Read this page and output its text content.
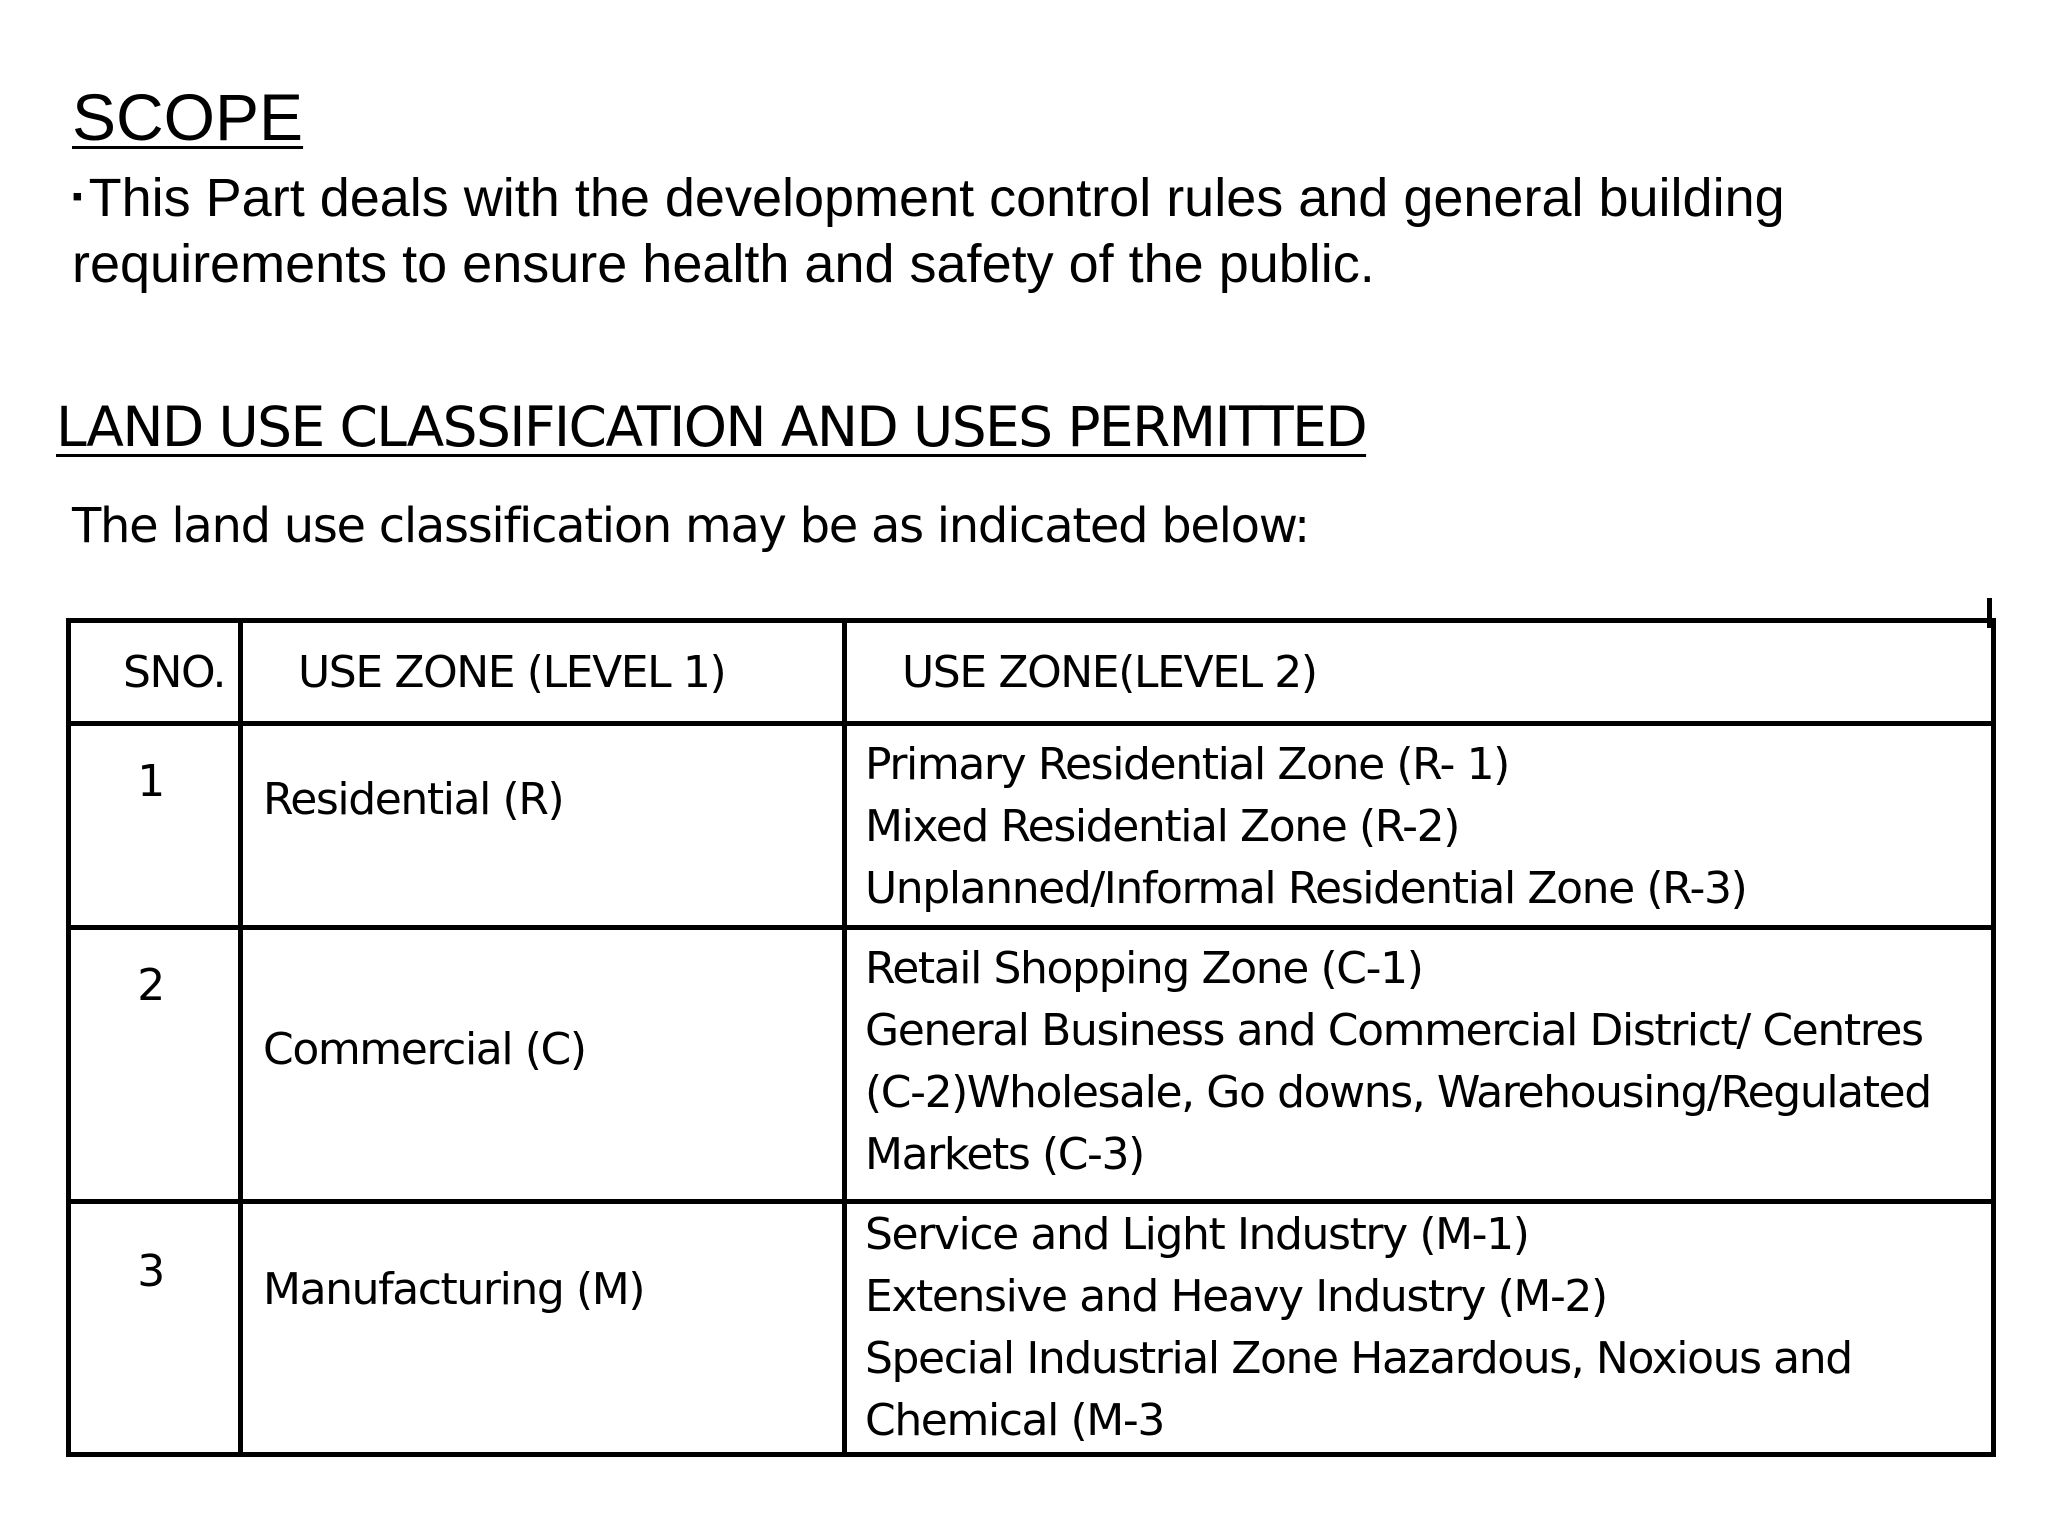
SCOPE

▪ This Part deals with the development control rules and general building requirements to ensure health and safety of the public.

LAND USE CLASSIFICATION AND USES PERMITTED

The land use classification may be as indicated below:

SNO.	USE ZONE (LEVEL 1)	USE ZONE(LEVEL 2)

1	Residential (R)	Primary Residential Zone (R- 1)
Mixed Residential Zone (R-2)
Unplanned/Informal Residential Zone (R-3)

2	Commercial (C)	Retail Shopping Zone (C-1)
General Business and Commercial District/ Centres
(C-2)Wholesale, Go downs, Warehousing/Regulated
Markets (C-3)

3	Manufacturing (M)	Service and Light Industry (M-1)
Extensive and Heavy Industry (M-2)
Special Industrial Zone Hazardous, Noxious and
Chemical (M-3
